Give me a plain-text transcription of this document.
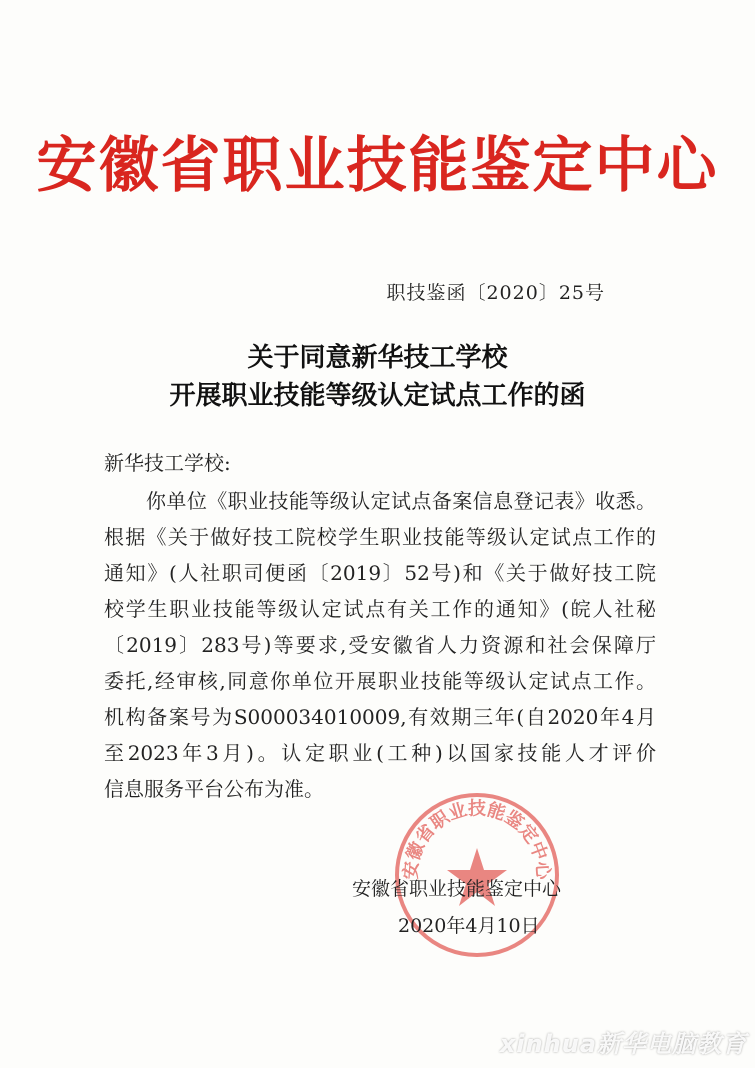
安徽省职业技能鉴定中心
职技鉴函〔2020〕25号
关于同意新华技工学校
开展职业技能等级认定试点工作的函
新华技工学校:
你单位《职业技能等级认定试点备案信息登记表》收悉。
根据《关于做好技工院校学生职业技能等级认定试点工作的
通知》(人社职司便函〔2019〕52号)和《关于做好技工院
校学生职业技能等级认定试点有关工作的通知》(皖人社秘
〔2019〕283号)等要求,受安徽省人力资源和社会保障厅
委托,经审核,同意你单位开展职业技能等级认定试点工作。
机构备案号为S000034010009,有效期三年(自2020年4月
至2023年3月)。认定职业(工种)以国家技能人才评价
信息服务平台公布为准。
安徽省职业技能鉴定中心
安徽省职业技能鉴定中心
2020年4月10日
xinhua新华电脑教育
